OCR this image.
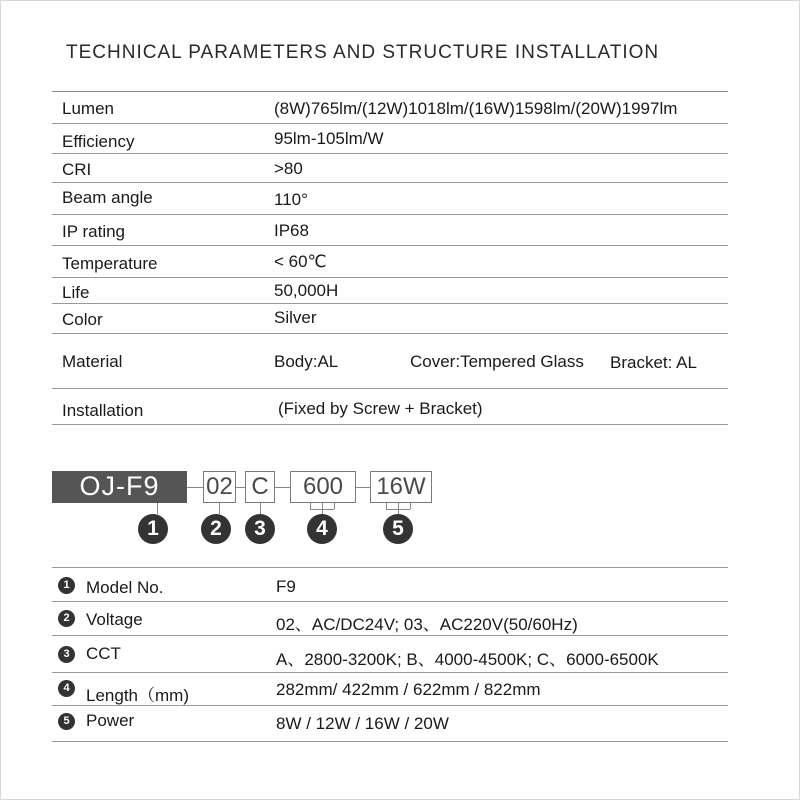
TECHNICAL PARAMETERS AND STRUCTURE INSTALLATION
Lumen	(8W)765lm/(12W)1018lm/(16W)1598lm/(20W)1997lm
Efficiency	95lm-105lm/W
CRI	>80
Beam angle	110°
IP rating	IP68
Temperature	< 60℃
Life	50,000H
Color	Silver
Material	Body:AL	Cover:Tempered Glass Bracket: AL
Installation	(Fixed by Screw + Bracket)
OJ-F9	02 C	600	16W
1	2	3	4	5
1 Model No.	F9
2 Voltage	02、AC/DC24V; 03、AC220V(50/60Hz)
3 CCT	A、2800-3200K; B、4000-4500K; C、6000-6500K
4 Length（mm)	282mm/ 422mm / 622mm / 822mm
5 Power	8W / 12W / 16W / 20W
